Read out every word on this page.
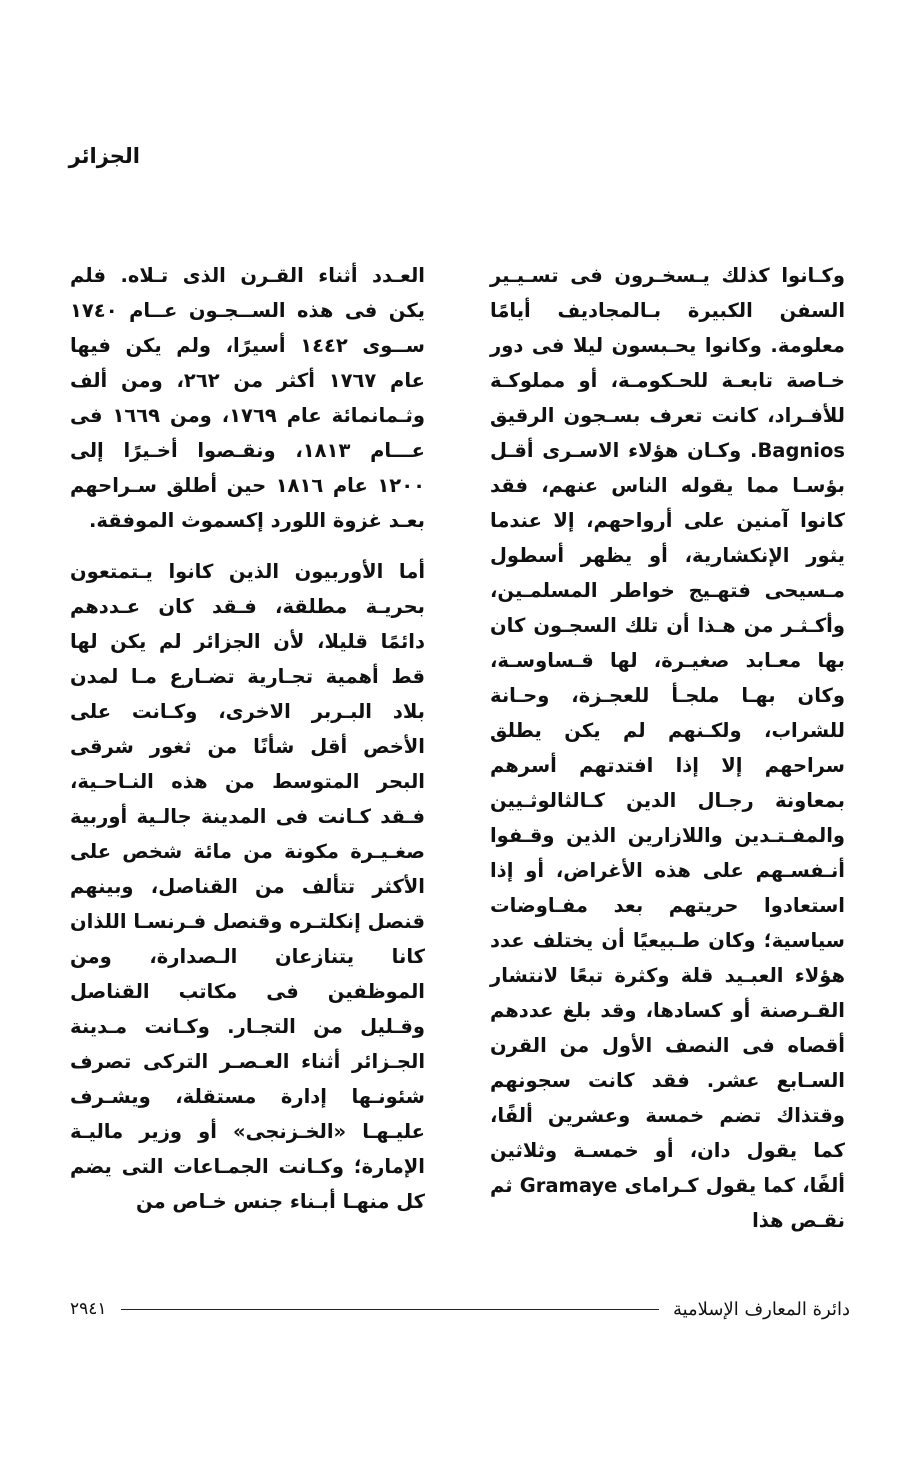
الجزائر

وكـانوا كذلك يـسخـرون فى تسـيـير السفن الكبيرة بـالمجاديف أيامًا معلومة. وكانوا يحـبسون ليلا فى دور خـاصة تابعـة للحـكومـة، أو مملوكـة للأفـراد، كانت تعرف بسـجون الرقيق Bagnios. وكـان هؤلاء الاسـرى أقـل بؤسـا مما يقوله الناس عنهم، فقد كانوا آمنين على أرواحهم، إلا عندما يثور الإنكشارية، أو يظهر أسطول مـسيحى فتهـيج خواطر المسلمـين، وأكـثـر من هـذا أن تلك السجـون كان بها معـابد صغيـرة، لها قـساوسـة، وكان بهـا ملجـأ للعجـزة، وحـانة للشراب، ولكـنهم لم يكن يطلق سراحهم إلا إذا افتدتهم أسرهم بمعاونة رجـال الدين كـالثالوثـيين والمفـتـدين واللازارين الذين وقـفوا أنـفسـهم على هذه الأغراض، أو إذا استعادوا حريتهم بعد مفـاوضات سياسية؛ وكان طـبيعيًا أن يختلف عدد هؤلاء العبـيد قلة وكثرة تبعًا لانتشار القـرصنة أو كسادها، وقد بلغ عددهم أقصاه فى النصف الأول من القرن السـابع عشر. فقد كانت سجونهم وقتذاك تضم خمسة وعشرين ألفًا، كما يقول دان، أو خمسـة وثلاثين ألفًا، كما يقول كـراماى Gramaye ثم نقـص هذا

العـدد أثناء القـرن الذى تـلاه. فلم يكن فى هذه الســجـون عــام ١٧٤٠ ســوى ١٤٤٢ أسيرًا، ولم يكن فيها عام ١٧٦٧ أكثر من ٢٦٢، ومن ألف وثـمانمائة عام ١٧٦٩، ومن ١٦٦٩ فى عـــام ١٨١٣، ونقـصوا أخـيرًا إلى ١٢٠٠ عام ١٨١٦ حين أطلق سـراحهم بعـد غزوة اللورد إكسموث الموفقة.

أما الأوربيون الذين كانوا يـتمتعون بحريـة مطلقة، فـقد كان عـددهم دائمًا قليلا، لأن الجزائر لم يكن لها قط أهمية تجـارية تضـارع مـا لمدن بلاد البـربر الاخرى، وكـانت على الأخص أقل شأنًا من ثغور شرقى البحر المتوسط من هذه النـاحـية، فـقد كـانت فى المدينة جالـية أوربية صغـيـرة مكونة من مائة شخص على الأكثر تتألف من القناصل، وبينهم قنصل إنكلتـره وقنصل فـرنسـا اللذان كانا يتنازعان الـصدارة، ومن الموظفين فى مكاتب القناصل وقـليل من التجـار. وكـانت مـدينة الجـزائر أثناء العـصـر التركى تصرف شئونـها إدارة مستقلة، ويشـرف عليـهـا «الخـزنجى» أو وزير ماليـة الإمارة؛ وكـانت الجمـاعات التى يضم كل منهـا أبـناء جنس خـاص من

دائرة المعارف الإسلامية
٢٩٤١
